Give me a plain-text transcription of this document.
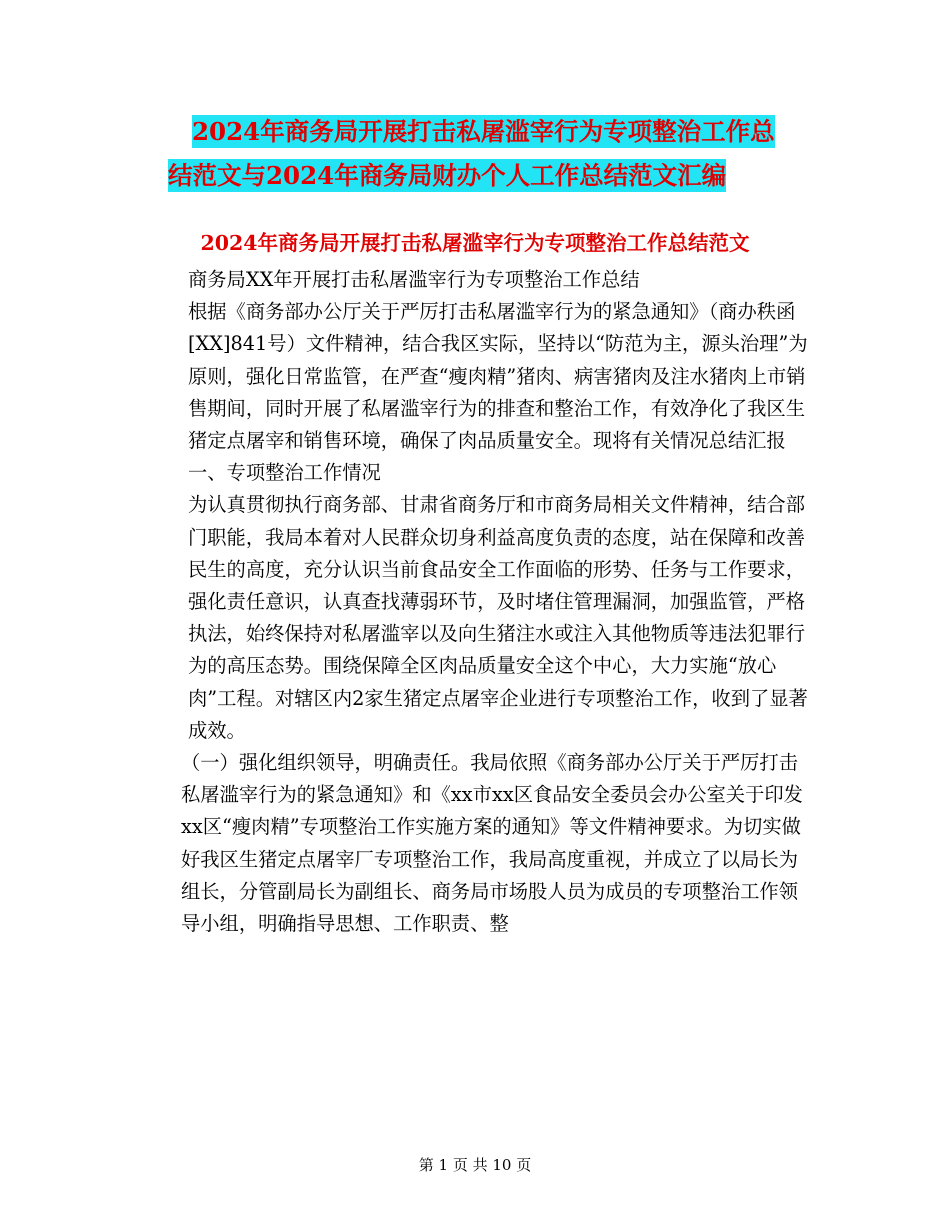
2024年商务局开展打击私屠滥宰行为专项整治工作总
结范文与2024年商务局财办个人工作总结范文汇编
2024年商务局开展打击私屠滥宰行为专项整治工作总结范文

商务局XX年开展打击私屠滥宰行为专项整治工作总结

根据《商务部办公厅关于严厉打击私屠滥宰行为的紧急通知》（商办秩函[XX]841号）文件精神，结合我区实际，坚持以“防范为主，源头治理”为原则，强化日常监管，在严查“瘦肉精”猪肉、病害猪肉及注水猪肉上市销售期间，同时开展了私屠滥宰行为的排查和整治工作，有效净化了我区生猪定点屠宰和销售环境，确保了肉品质量安全。现将有关情况总结汇报

一、专项整治工作情况

为认真贯彻执行商务部、甘肃省商务厅和市商务局相关文件精神，结合部门职能，我局本着对人民群众切身利益高度负责的态度，站在保障和改善民生的高度，充分认识当前食品安全工作面临的形势、任务与工作要求，强化责任意识，认真查找薄弱环节，及时堵住管理漏洞，加强监管，严格执法，始终保持对私屠滥宰以及向生猪注水或注入其他物质等违法犯罪行为的高压态势。围绕保障全区肉品质量安全这个中心，大力实施“放心肉”工程。对辖区内2家生猪定点屠宰企业进行专项整治工作，收到了显著成效。

（一）强化组织领导，明确责任。我局依照《商务部办公厅关于严厉打击私屠滥宰行为的紧急通知》和《xx市xx区食品安全委员会办公室关于印发xx区“瘦肉精”专项整治工作实施方案的通知》等文件精神要求。为切实做好我区生猪定点屠宰厂专项整治工作，我局高度重视，并成立了以局长为组长，分管副局长为副组长、商务局市场股人员为成员的专项整治工作领导小组，明确指导思想、工作职责、整

第 1 页 共 10 页
